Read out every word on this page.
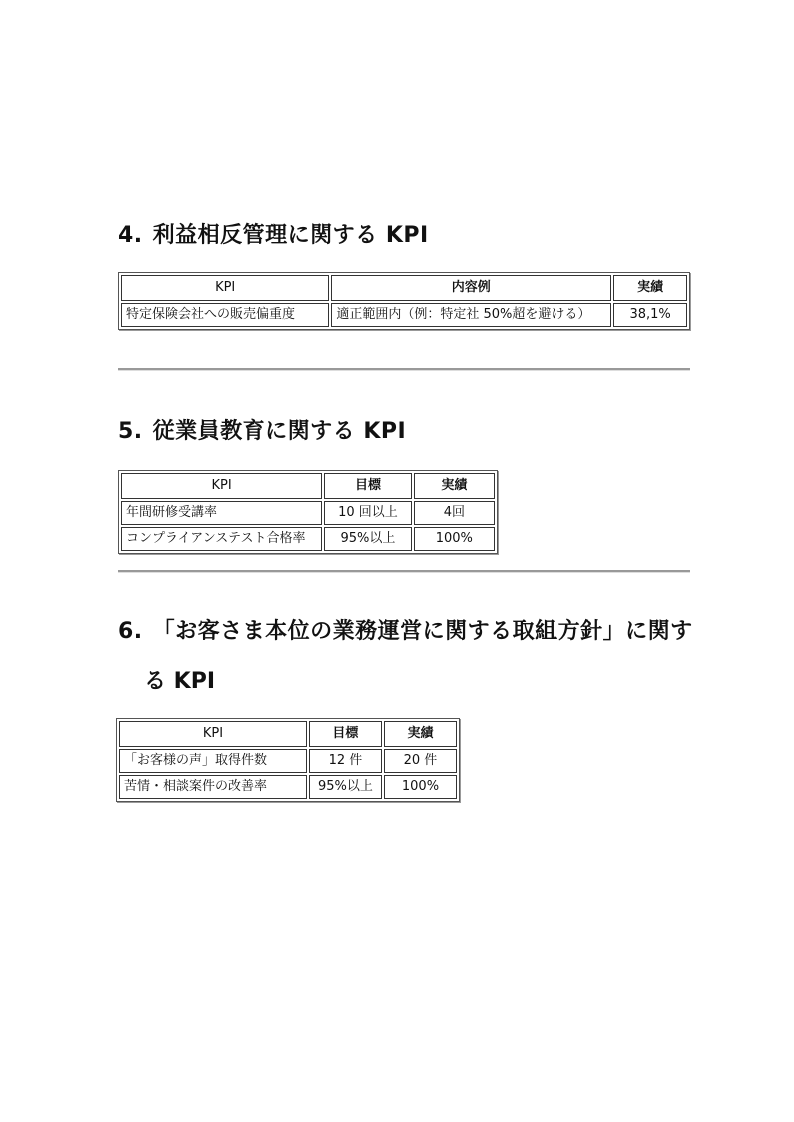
4. 利益相反管理に関する KPI
KPI	内容例	実績
特定保険会社への販売偏重度	適正範囲内（例：特定社 50%超を避ける）	38,1%
5. 従業員教育に関する KPI
KPI	目標	実績
年間研修受講率	10 回以上	4回
コンプライアンステスト合格率	95%以上	100%
6. 「お客さま本位の業務運営に関する取組方針」に関す
る KPI
KPI	目標	実績
「お客様の声」取得件数	12 件	20 件
苦情・相談案件の改善率	95%以上	100%
